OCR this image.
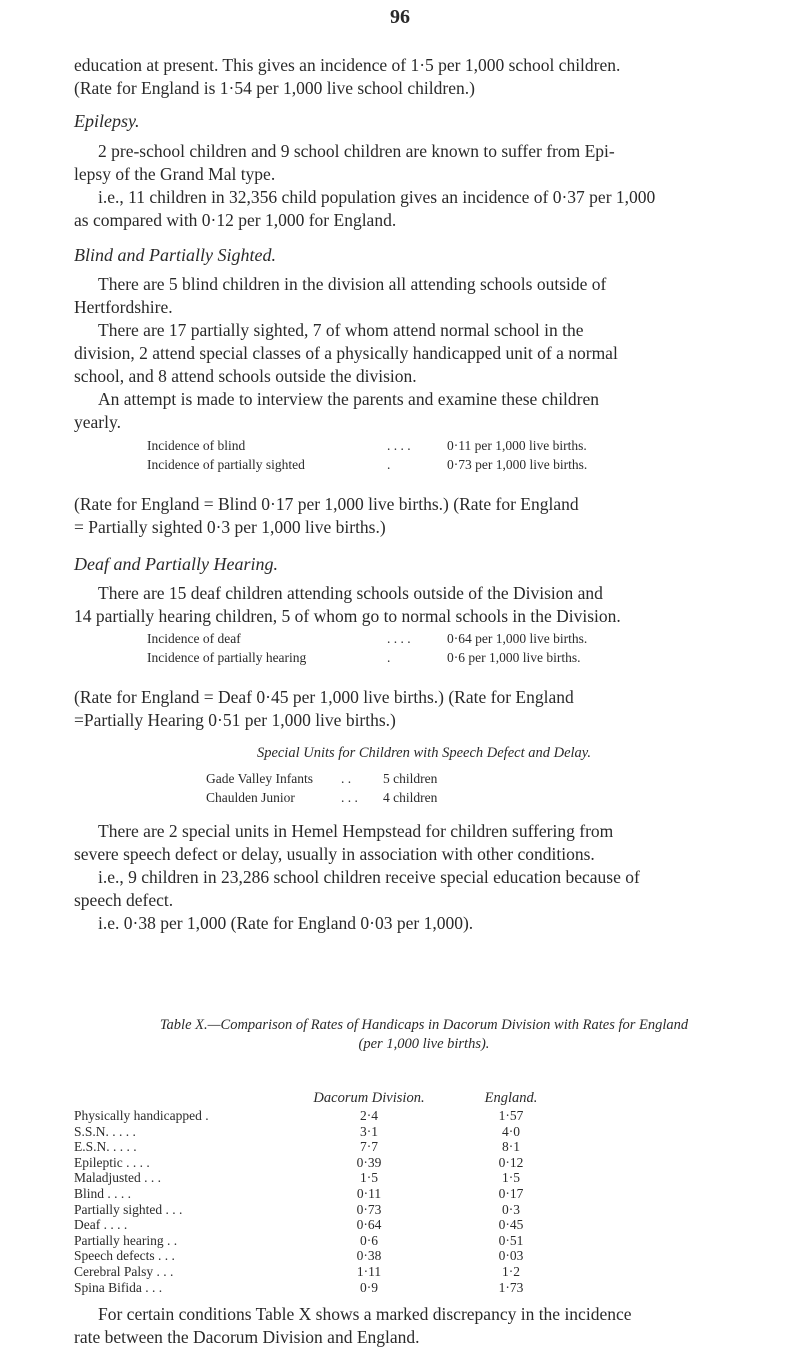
96
education at present. This gives an incidence of 1·5 per 1,000 school children.
(Rate for England is 1·54 per 1,000 live school children.)
Epilepsy.
2 pre-school children and 9 school children are known to suffer from Epi-
lepsy of the Grand Mal type.
i.e., 11 children in 32,356 child population gives an incidence of 0·37 per 1,000
as compared with 0·12 per 1,000 for England.
Blind and Partially Sighted.
There are 5 blind children in the division all attending schools outside of
Hertfordshire.
There are 17 partially sighted, 7 of whom attend normal school in the
division, 2 attend special classes of a physically handicapped unit of a normal
school, and 8 attend schools outside the division.
An attempt is made to interview the parents and examine these children
yearly.
Incidence of blind	. . . .	0·11 per 1,000 live births.
Incidence of partially sighted	.	0·73 per 1,000 live births.
(Rate for England = Blind 0·17 per 1,000 live births.) (Rate for England
= Partially sighted 0·3 per 1,000 live births.)
Deaf and Partially Hearing.
There are 15 deaf children attending schools outside of the Division and
14 partially hearing children, 5 of whom go to normal schools in the Division.
Incidence of deaf	. . . .	0·64 per 1,000 live births.
Incidence of partially hearing	.	0·6 per 1,000 live births.
(Rate for England = Deaf 0·45 per 1,000 live births.) (Rate for England
=Partially Hearing 0·51 per 1,000 live births.)
Special Units for Children with Speech Defect and Delay.
Gade Valley Infants . . 5 children
Chaulden Junior	. . . 4 children
There are 2 special units in Hemel Hempstead for children suffering from
severe speech defect or delay, usually in association with other conditions.
i.e., 9 children in 23,286 school children receive special education because of
speech defect.
i.e. 0·38 per 1,000 (Rate for England 0·03 per 1,000).
Table X.—Comparison of Rates of Handicaps in Dacorum Division with Rates for England
(per 1,000 live births).
	Dacorum Division.	England.
Physically handicapped .	2·4	1·57
S.S.N. . . . .	3·1	4·0
E.S.N. . . . .	7·7	8·1
Epileptic . . . .	0·39	0·12
Maladjusted . . .	1·5	1·5
Blind . . . .	0·11	0·17
Partially sighted . . .	0·73	0·3
Deaf . . . .	0·64	0·45
Partially hearing . .	0·6	0·51
Speech defects . . .	0·38	0·03
Cerebral Palsy . . .	1·11	1·2
Spina Bifida . . .	0·9	1·73
For certain conditions Table X shows a marked discrepancy in the incidence
rate between the Dacorum Division and England.
